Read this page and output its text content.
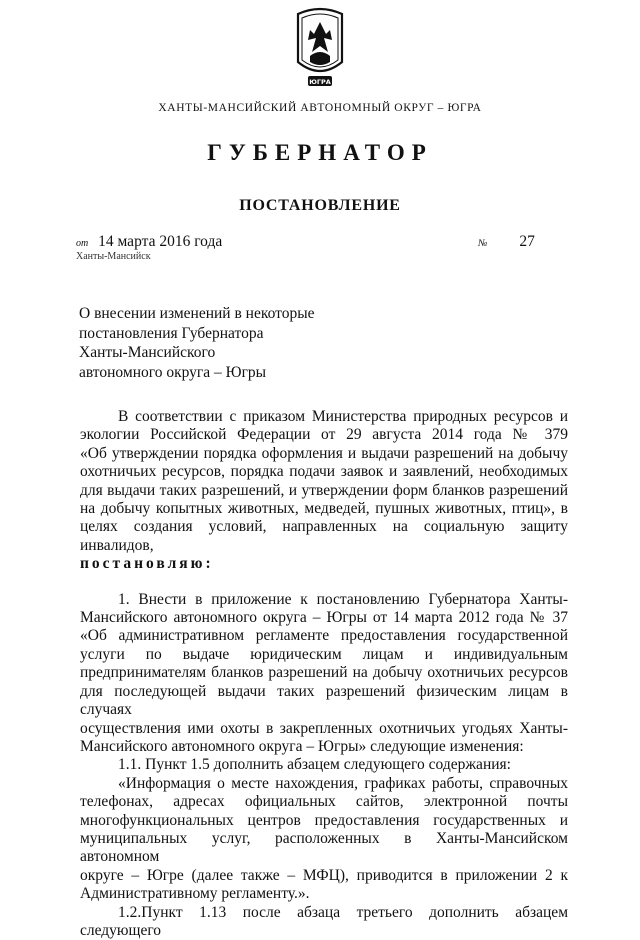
ЮГРА
ХАНТЫ-МАНСИЙСКИЙ АВТОНОМНЫЙ ОКРУГ – ЮГРА
ГУБЕРНАТОР
ПОСТАНОВЛЕНИЕ
от 14 марта 2016 года
Ханты-Мансийск
№ 27
О внесении изменений в некоторые
постановления Губернатора
Ханты-Мансийского
автономного округа – Югры

В соответствии с приказом Министерства природных ресурсов и

экологии Российской Федерации от 29 августа 2014 года № 379

«Об утверждении порядка оформления и выдачи разрешений на добычу

охотничьих ресурсов, порядка подачи заявок и заявлений, необходимых

для выдачи таких разрешений, и утверждении форм бланков разрешений

на добычу копытных животных, медведей, пушных животных, птиц», в

целях создания условий, направленных на социальную защиту инвалидов,

постановляю:

1. Внести в приложение к постановлению Губернатора Ханты-

Мансийского автономного округа – Югры от 14 марта 2012 года № 37

«Об административном регламенте предоставления государственной

услуги по выдаче юридическим лицам и индивидуальным

предпринимателям бланков разрешений на добычу охотничьих ресурсов

для последующей выдачи таких разрешений физическим лицам в случаях

осуществления ими охоты в закрепленных охотничьих угодьях Ханты-

Мансийского автономного округа – Югры» следующие изменения:

1.1. Пункт 1.5 дополнить абзацем следующего содержания:

«Информация о месте нахождения, графиках работы, справочных

телефонах, адресах официальных сайтов, электронной почты

многофункциональных центров предоставления государственных и

муниципальных услуг, расположенных в Ханты-Мансийском автономном

округе – Югре (далее также – МФЦ), приводится в приложении 2 к

Административному регламенту.».

1.2.Пункт 1.13 после абзаца третьего дополнить абзацем следующего
